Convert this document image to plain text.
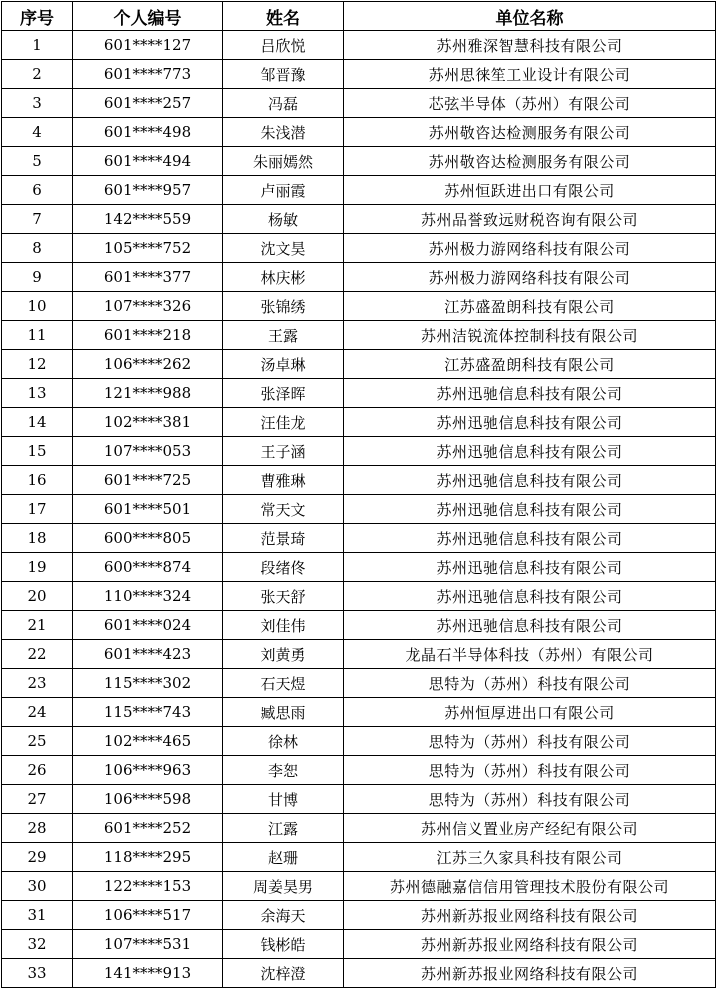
序号	个人编号	姓名	单位名称
1	601****127	吕欣悦	苏州雅深智慧科技有限公司
2	601****773	邹晋豫	苏州思徕笙工业设计有限公司
3	601****257	冯磊	芯弦半导体（苏州）有限公司
4	601****498	朱浅潜	苏州敬咨达检测服务有限公司
5	601****494	朱丽嫣然	苏州敬咨达检测服务有限公司
6	601****957	卢丽霞	苏州恒跃进出口有限公司
7	142****559	杨敏	苏州品誉致远财税咨询有限公司
8	105****752	沈文昊	苏州极力游网络科技有限公司
9	601****377	林庆彬	苏州极力游网络科技有限公司
10	107****326	张锦绣	江苏盛盈朗科技有限公司
11	601****218	王露	苏州洁锐流体控制科技有限公司
12	106****262	汤卓琳	江苏盛盈朗科技有限公司
13	121****988	张泽晖	苏州迅驰信息科技有限公司
14	102****381	汪佳龙	苏州迅驰信息科技有限公司
15	107****053	王子涵	苏州迅驰信息科技有限公司
16	601****725	曹雅琳	苏州迅驰信息科技有限公司
17	601****501	常天文	苏州迅驰信息科技有限公司
18	600****805	范景琦	苏州迅驰信息科技有限公司
19	600****874	段绪佟	苏州迅驰信息科技有限公司
20	110****324	张天舒	苏州迅驰信息科技有限公司
21	601****024	刘佳伟	苏州迅驰信息科技有限公司
22	601****423	刘黄勇	龙晶石半导体科技（苏州）有限公司
23	115****302	石天煜	思特为（苏州）科技有限公司
24	115****743	臧思雨	苏州恒厚进出口有限公司
25	102****465	徐林	思特为（苏州）科技有限公司
26	106****963	李恕	思特为（苏州）科技有限公司
27	106****598	甘博	思特为（苏州）科技有限公司
28	601****252	江露	苏州信义置业房产经纪有限公司
29	118****295	赵珊	江苏三久家具科技有限公司
30	122****153	周姜昊男	苏州德融嘉信信用管理技术股份有限公司
31	106****517	余海天	苏州新苏报业网络科技有限公司
32	107****531	钱彬皓	苏州新苏报业网络科技有限公司
33	141****913	沈梓澄	苏州新苏报业网络科技有限公司
